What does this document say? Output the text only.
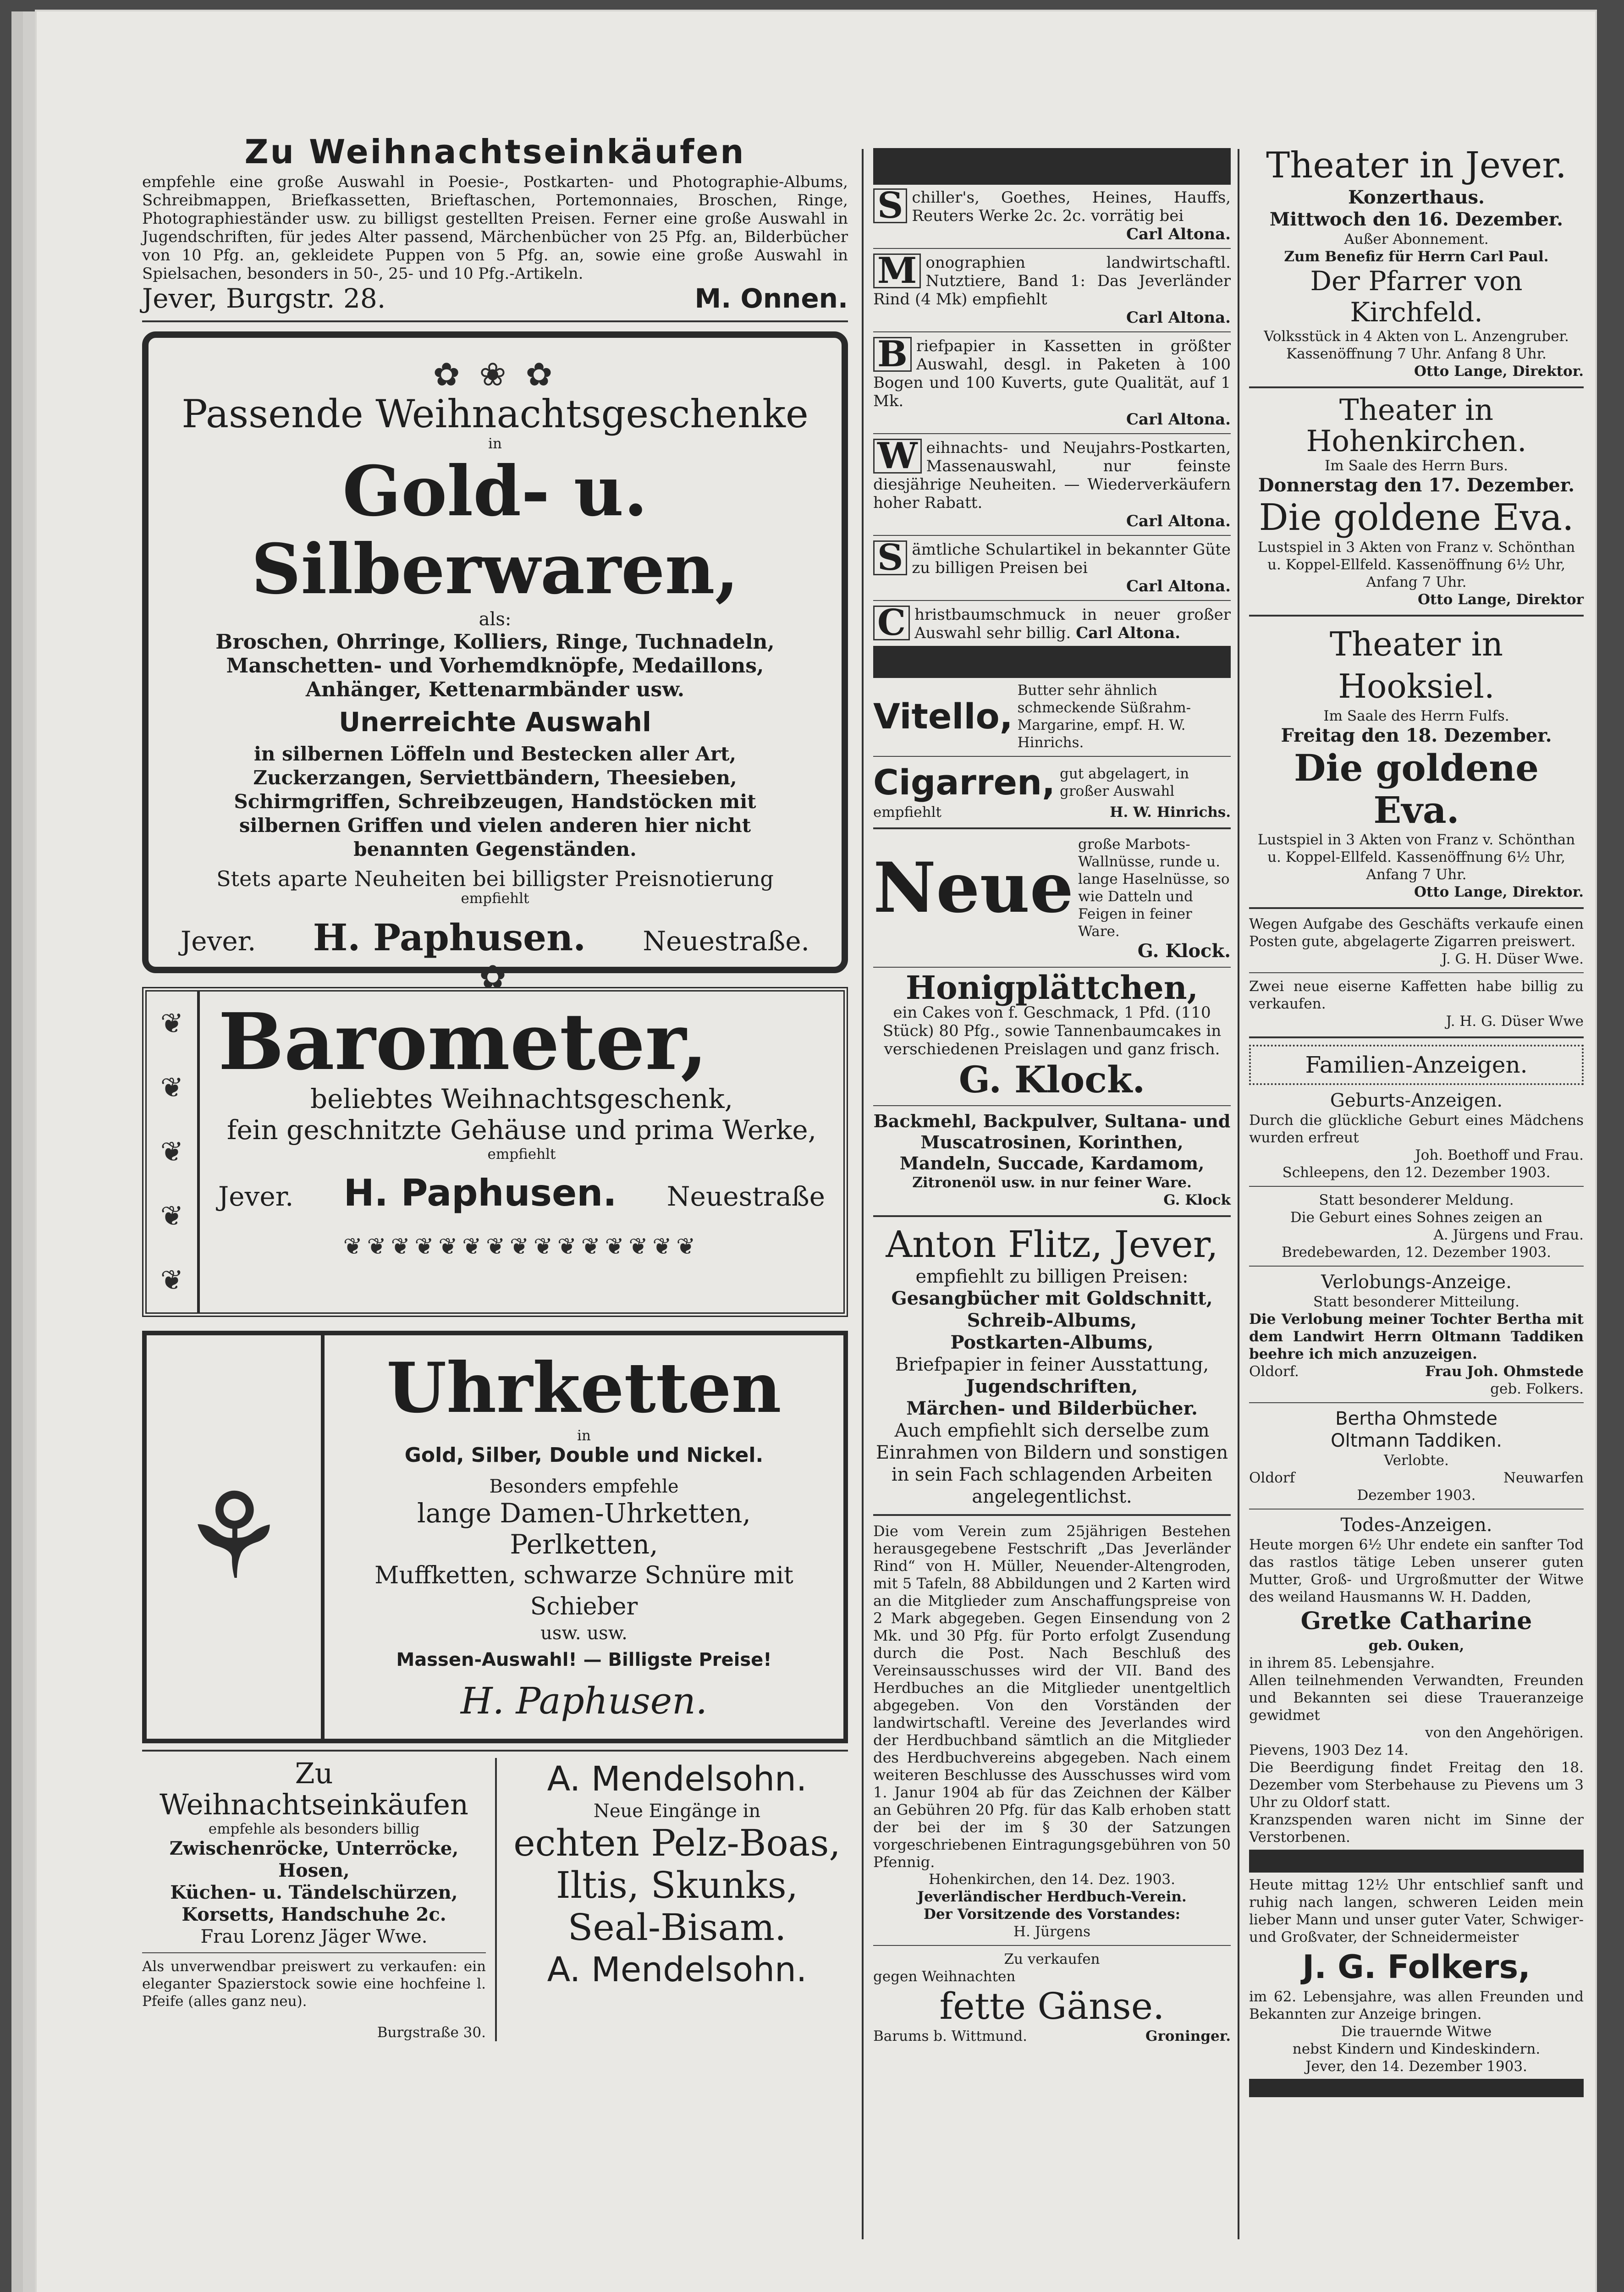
Zu Weihnachtseinkäufen

empfehle eine große Auswahl in Poesie-, Postkarten- und Photographie-Albums, Schreibmappen, Briefkassetten, Brieftaschen, Portemonnaies, Broschen, Ringe, Photographieständer usw. zu billigst gestellten Preisen. Ferner eine große Auswahl in Jugendschriften, für jedes Alter passend, Märchenbücher von 25 Pfg. an, Bilderbücher von 10 Pfg. an, gekleidete Puppen von 5 Pfg. an, sowie eine große Auswahl in Spielsachen, besonders in 50-, 25- und 10 Pfg.-Artikeln.

Jever, Burgstr. 28.	M. Onnen.
✿ ❀ ✿
Passende Weihnachtsgeschenke
in
Gold- u. Silberwaren,
als:

Broschen, Ohrringe, Kolliers, Ringe, Tuchnadeln, Manschetten- und Vorhemdknöpfe, Medaillons, Anhänger, Kettenarmbänder usw.

Unerreichte Auswahl

in silbernen Löffeln und Bestecken aller Art, Zuckerzangen, Serviettbändern, Theesieben, Schirmgriffen, Schreibzeugen, Handstöcken mit silbernen Griffen und vielen anderen hier nicht benannten Gegenständen.

Stets aparte Neuheiten bei billigster Preisnotierung
empfiehlt
Jever. H. Paphusen. Neuestraße.
✿
❦
❦
❦
❦
❦
Barometer,
beliebtes Weihnachtsgeschenk,
fein geschnitzte Gehäuse und prima Werke,
empfiehlt
Jever. H. Paphusen. Neuestraße
❦❦❦❦❦❦❦❦❦❦❦❦❦❦❦
⚘
Uhrketten
in
Gold, Silber, Double und Nickel.
Besonders empfehle
lange Damen-Uhrketten, Perlketten,
Muffketten, schwarze Schnüre mit Schieber
usw. usw.
Massen-Auswahl! — Billigste Preise!
H. Paphusen.
Zu Weihnachtseinkäufen
empfehle als besonders billig
Zwischenröcke, Unterröcke,
Hosen,
Küchen- u. Tändelschürzen,
Korsetts, Handschuhe 2c.
Frau Lorenz Jäger Wwe.

Als unverwendbar preiswert zu verkaufen: ein eleganter Spazierstock sowie eine hochfeine l. Pfeife (alles ganz neu).

Burgstraße 30.
A. Mendelsohn.
Neue Eingänge in
echten Pelz-Boas,
Iltis, Skunks,
Seal-Bisam.
A. Mendelsohn.
S chiller's, Goethes, Heines, Hauffs, Reuters Werke 2c. 2c. vorrätig bei
Carl Altona.
M onographien landwirtschaftl. Nutztiere, Band 1: Das Jeverländer Rind (4 Mk) empfiehlt
Carl Altona.
B riefpapier in Kassetten in größter Auswahl, desgl. in Paketen à 100 Bogen und 100 Kuverts, gute Qualität, auf 1 Mk.
Carl Altona.
W eihnachts- und Neujahrs-Postkarten, Massenauswahl, nur feinste diesjährige Neuheiten. — Wiederverkäufern hoher Rabatt.
Carl Altona.
S ämtliche Schulartikel in bekannter Güte zu billigen Preisen bei
Carl Altona.
C hristbaumschmuck in neuer großer Auswahl sehr billig. Carl Altona.
Vitello,
Butter sehr ähnlich schmeckende Süßrahm-Margarine, empf. H. W. Hinrichs.
Cigarren, gut abgelagert, in großer Auswahl
empfiehlt	H. W. Hinrichs.
Neue
große Marbots-Wallnüsse, runde u. lange Haselnüsse, so wie Datteln und Feigen in feiner Ware.
G. Klock.
Honigplättchen,

ein Cakes von f. Geschmack, 1 Pfd. (110 Stück) 80 Pfg., sowie Tannenbaumcakes in verschiedenen Preislagen und ganz frisch.

G. Klock.

Backmehl, Backpulver, Sultana- und Muscatrosinen, Korinthen, Mandeln, Succade, Kardamom,

Zitronenöl usw. in nur feiner Ware.

G. Klock
Anton Flitz, Jever,
empfiehlt zu billigen Preisen:
Gesangbücher mit Goldschnitt,
Schreib-Albums,
Postkarten-Albums,
Briefpapier in feiner Ausstattung,
Jugendschriften,
Märchen- und Bilderbücher.

Auch empfiehlt sich derselbe zum Einrahmen von Bildern und sonstigen in sein Fach schlagenden Arbeiten angelegentlichst.

Die vom Verein zum 25jährigen Bestehen herausgegebene Festschrift „Das Jeverländer Rind“ von H. Müller, Neuender-Altengroden, mit 5 Tafeln, 88 Abbildungen und 2 Karten wird an die Mitglieder zum Anschaffungspreise von 2 Mark abgegeben. Gegen Einsendung von 2 Mk. und 30 Pfg. für Porto erfolgt Zusendung durch die Post. Nach Beschluß des Vereinsausschusses wird der VII. Band des Herdbuches an die Mitglieder unentgeltlich abgegeben. Von den Vorständen der landwirtschaftl. Vereine des Jeverlandes wird der Herdbuchband sämtlich an die Mitglieder des Herdbuchvereins abgegeben. Nach einem weiteren Beschlusse des Ausschusses wird vom 1. Janur 1904 ab für das Zeichnen der Kälber an Gebühren 20 Pfg. für das Kalb erhoben statt der bei der im § 30 der Satzungen vorgeschriebenen Eintragungsgebühren von 50 Pfennig.

Hohenkirchen, den 14. Dez. 1903.
Jeverländischer Herdbuch-Verein.
Der Vorsitzende des Vorstandes:
H. Jürgens
Zu verkaufen
gegen Weihnachten
fette Gänse.
Barums b. Wittmund.	Groninger.
Theater in Jever.
Konzerthaus.
Mittwoch den 16. Dezember.
Außer Abonnement.
Zum Benefiz für Herrn Carl Paul.
Der Pfarrer von Kirchfeld.

Volksstück in 4 Akten von L. Anzengruber. Kassenöffnung 7 Uhr. Anfang 8 Uhr.

Otto Lange, Direktor.
Theater in Hohenkirchen.
Im Saale des Herrn Burs.
Donnerstag den 17. Dezember.
Die goldene Eva.

Lustspiel in 3 Akten von Franz v. Schönthan u. Koppel-Ellfeld. Kassenöffnung 6½ Uhr, Anfang 7 Uhr.

Otto Lange, Direktor
Theater in Hooksiel.
Im Saale des Herrn Fulfs.
Freitag den 18. Dezember.
Die goldene Eva.

Lustspiel in 3 Akten von Franz v. Schönthan u. Koppel-Ellfeld. Kassenöffnung 6½ Uhr, Anfang 7 Uhr.

Otto Lange, Direktor.

Wegen Aufgabe des Geschäfts verkaufe einen Posten gute, abgelagerte Zigarren preiswert.

J. G. H. Düser Wwe.

Zwei neue eiserne Kaffetten habe billig zu verkaufen.

J. H. G. Düser Wwe
Familien-Anzeigen.
Geburts-Anzeigen.

Durch die glückliche Geburt eines Mädchens wurden erfreut

Joh. Boethoff und Frau.
Schleepens, den 12. Dezember 1903.
Statt besonderer Meldung.
Die Geburt eines Sohnes zeigen an
A. Jürgens und Frau.
Bredebewarden, 12. Dezember 1903.
Verlobungs-Anzeige.
Statt besonderer Mitteilung.

Die Verlobung meiner Tochter Bertha mit dem Landwirt Herrn Oltmann Taddiken beehre ich mich anzuzeigen.

Oldorf.	Frau Joh. Ohmstede
geb. Folkers.
Bertha Ohmstede
Oltmann Taddiken.
Verlobte.
Oldorf	Neuwarfen
Dezember 1903.
Todes-Anzeigen.

Heute morgen 6½ Uhr endete ein sanfter Tod das rastlos tätige Leben unserer guten Mutter, Groß- und Urgroßmutter der Witwe des weiland Hausmanns W. H. Dadden,

Gretke Catharine
geb. Ouken,
in ihrem 85. Lebensjahre.

Allen teilnehmenden Verwandten, Freunden und Bekannten sei diese Traueranzeige gewidmet

von den Angehörigen.
Pievens, 1903 Dez 14.

Die Beerdigung findet Freitag den 18. Dezember vom Sterbehause zu Pievens um 3 Uhr zu Oldorf statt.

Kranzspenden waren nicht im Sinne der Verstorbenen.

Heute mittag 12½ Uhr entschlief sanft und ruhig nach langen, schweren Leiden mein lieber Mann und unser guter Vater, Schwiger- und Großvater, der Schneidermeister

J. G. Folkers,

im 62. Lebensjahre, was allen Freunden und Bekannten zur Anzeige bringen.

Die trauernde Witwe
nebst Kindern und Kindeskindern.
Jever, den 14. Dezember 1903.
